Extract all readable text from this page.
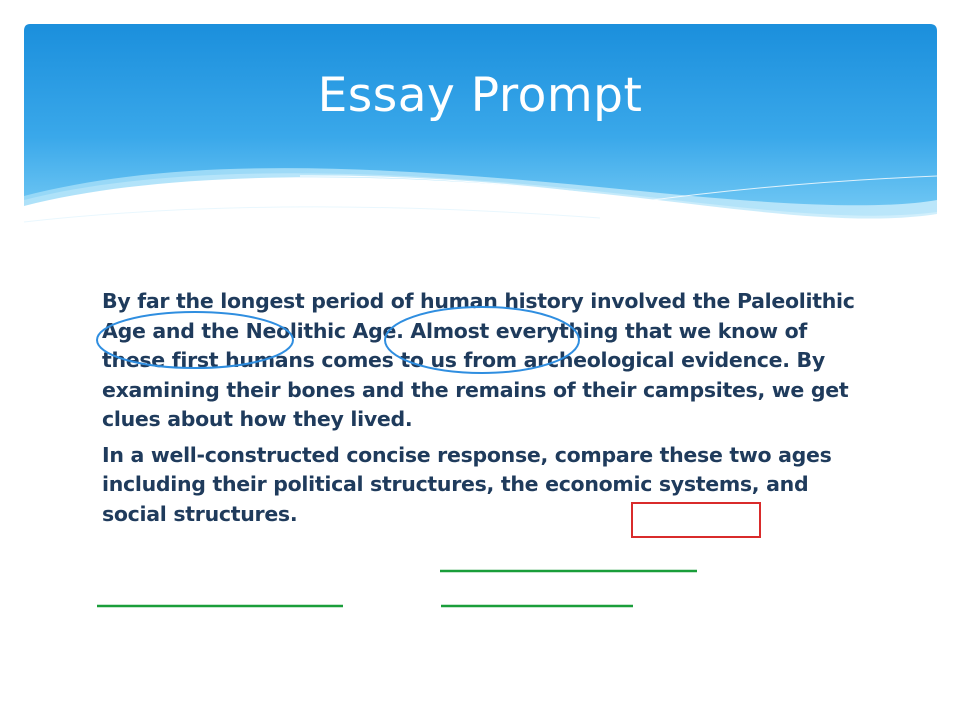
Essay Prompt

By far the longest period of human history involved the Paleolithic Age and the Neolithic Age. Almost everything that we know of these first humans comes to us from archeological evidence. By examining their bones and the remains of their campsites, we get clues about how they lived.

In a well-constructed concise response, compare these two ages including their political structures, the economic systems, and social structures.
